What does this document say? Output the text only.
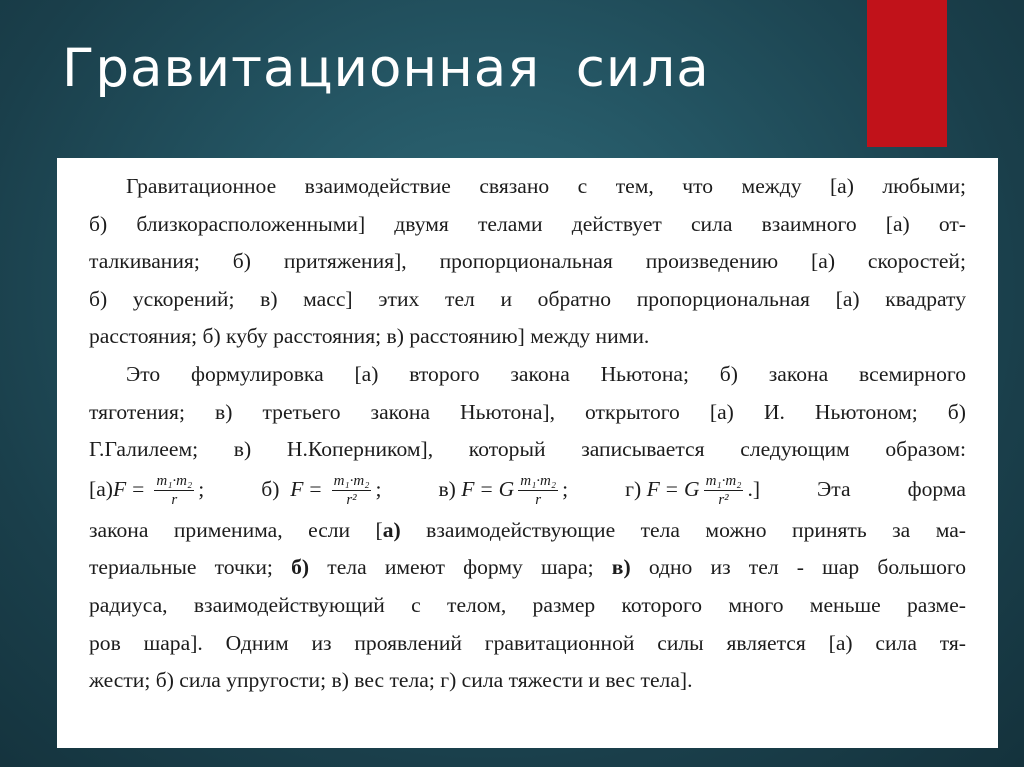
Гравитационная  сила

Гравитационное взаимодействие связано с тем, что между [а) любыми;
б) близкорасположенными] двумя телами действует сила взаимного [а) от-
талкивания; б) притяжения], пропорциональная произведению [а) скоростей;
б) ускорений; в) масс] этих тел и обратно пропорциональная [а) квадрату
расстояния; б) кубу расстояния; в) расстоянию] между ними.

Это формулировка [а) второго закона Ньютона; б) закона всемирного
тяготения; в) третьего закона Ньютона], открытого [а) И. Ньютоном; б)
Г.Галилеем; в) Н.Коперником], который записывается следующим образом:

[а) $F = \frac{\text{m₁·m₂}}{r}$ ;	б)
$F = \frac{\text{m₁·m₂}}{\text{r²}}$ ;	в)
F = G $\frac{\text{m₁·m₂}}{r}$ ;	г)
F = G $\frac{\text{m₁·m₂}}{\text{r²}}$ .]	Эта	форма

закона применима, если [а) взаимодействующие тела можно принять за ма-
териальные точки; б) тела имеют форму шара; в) одно из тел - шар большого
радиуса, взаимодействующий с телом, размер которого много меньше разме-
ров шара]. Одним из проявлений гравитационной силы является [а) сила тя-
жести; б) сила упругости; в) вес тела; г) сила тяжести и вес тела].
